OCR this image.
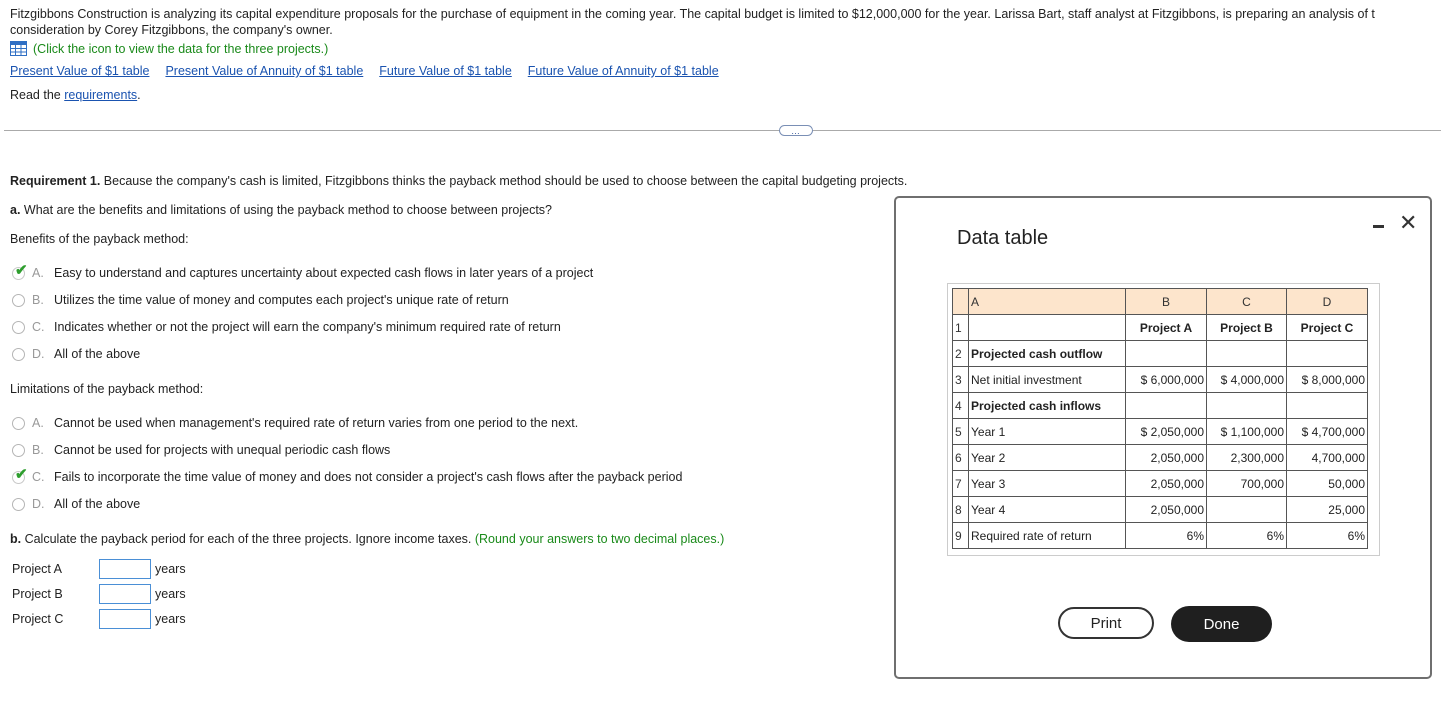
Fitzgibbons Construction is analyzing its capital expenditure proposals for the purchase of equipment in the coming year. The capital budget is limited to $12,000,000 for the year. Larissa Bart, staff analyst at Fitzgibbons, is preparing an analysis of t
consideration by Corey Fitzgibbons, the company's owner.
(Click the icon to view the data for the three projects.)
Present Value of $1 table Present Value of Annuity of $1 table Future Value of $1 table Future Value of Annuity of $1 table
Read the requirements.
…
Requirement 1. Because the company's cash is limited, Fitzgibbons thinks the payback method should be used to choose between the capital budgeting projects.
a. What are the benefits and limitations of using the payback method to choose between projects?
Benefits of the payback method:
✔ A. Easy to understand and captures uncertainty about expected cash flows in later years of a project
B. Utilizes the time value of money and computes each project's unique rate of return
C. Indicates whether or not the project will earn the company's minimum required rate of return
D. All of the above
Limitations of the payback method:
A. Cannot be used when management's required rate of return varies from one period to the next.
B. Cannot be used for projects with unequal periodic cash flows
✔ C. Fails to incorporate the time value of money and does not consider a project's cash flows after the payback period
D. All of the above
b. Calculate the payback period for each of the three projects. Ignore income taxes. (Round your answers to two decimal places.)
Project A	years
Project B	years
Project C	years
Data table
✕
	A	B	C	D
1		Project A	Project B	Project C
2	Projected cash outflow			
3	Net initial investment	$ 6,000,000	$ 4,000,000	$ 8,000,000
4	Projected cash inflows			
5	Year 1	$ 2,050,000	$ 1,100,000	$ 4,700,000
6	Year 2	2,050,000	2,300,000	4,700,000
7	Year 3	2,050,000	700,000	50,000
8	Year 4	2,050,000		25,000
9	Required rate of return	6%	6%	6%
Print	Done
